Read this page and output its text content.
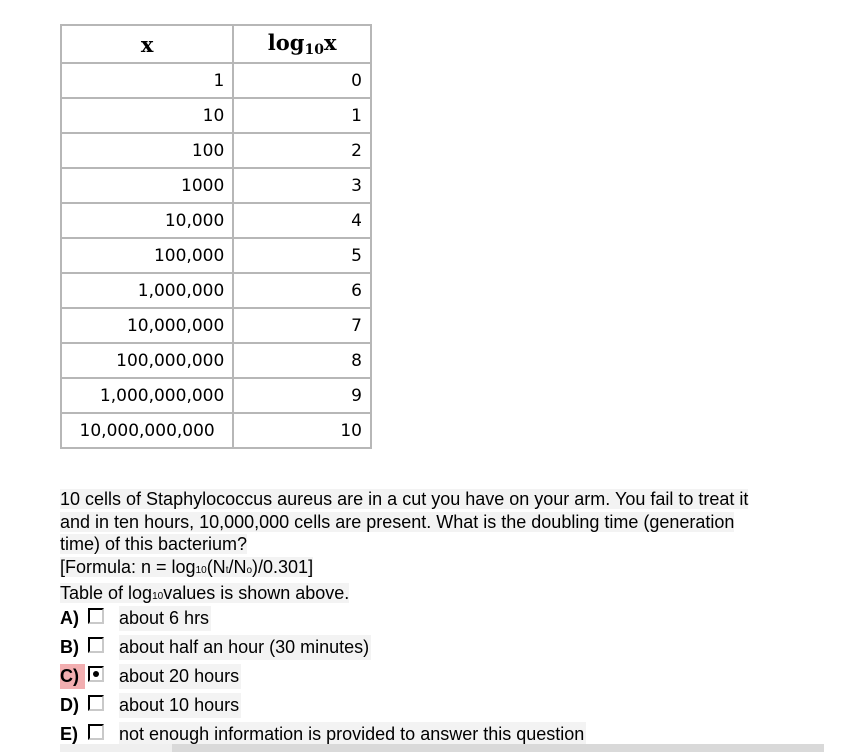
x	$\log_{10}x$
1	0
10	1
100	2
1000	3
10,000	4
100,000	5
1,000,000	6
10,000,000	7
100,000,000	8
1,000,000,000	9
10,000,000,000	10
10 cells of Staphylococcus aureus are in a cut you have on your arm. You fail to treat it
and in ten hours, 10,000,000 cells are present. What is the doubling time (generation
time) of this bacterium?
[Formula: n = log10(Nt/No)/0.301]
Table of log10values is shown above.
A)	about 6 hrs
B)	about half an hour (30 minutes)
C)	about 20 hours
D)	about 10 hours
E)	not enough information is provided to answer this question
